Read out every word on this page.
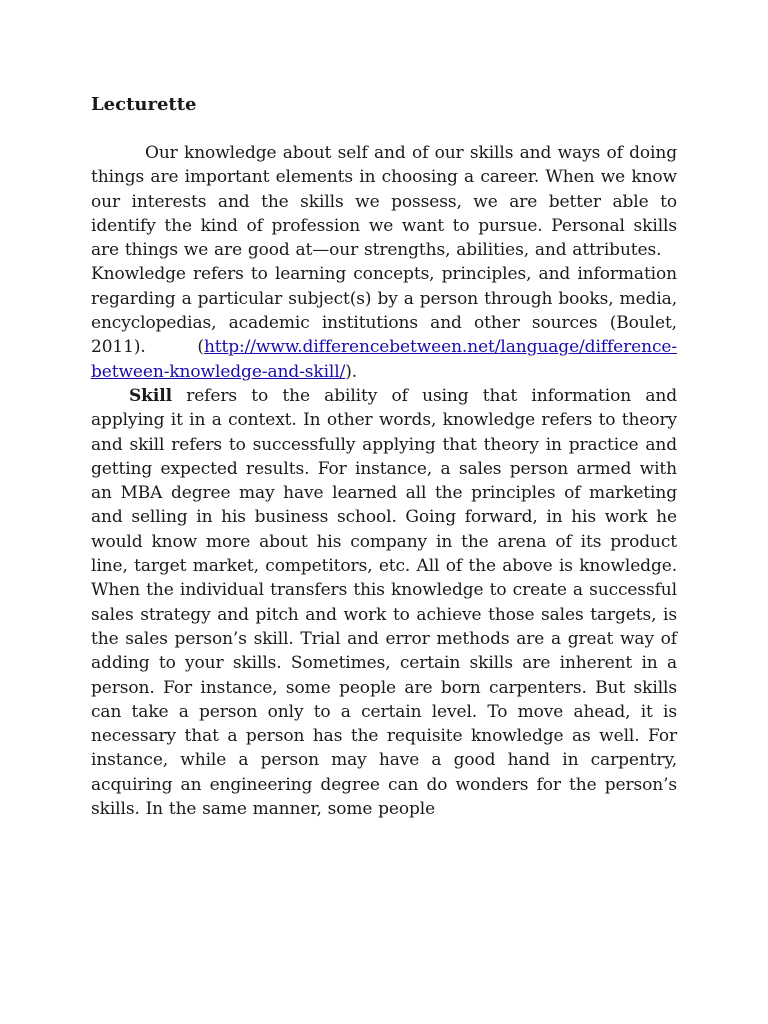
Lecturette

Our knowledge about self and of our skills and ways of doing things are important elements in choosing a career. When we know our interests and the skills we possess, we are better able to identify the kind of profession we want to pursue. Personal skills are things we are good at—our strengths, abilities, and attributes.

Knowledge refers to learning concepts, principles, and information regarding a particular subject(s) by a person through books, media, encyclopedias, academic institutions and other sources (Boulet, 2011). (http://www.differencebetween.net/language/difference-between-knowledge-and-skill/).

Skill refers to the ability of using that information and applying it in a context. In other words, knowledge refers to theory and skill refers to successfully applying that theory in practice and getting expected results. For instance, a sales person armed with an MBA degree may have learned all the principles of marketing and selling in his business school. Going forward, in his work he would know more about his company in the arena of its product line, target market, competitors, etc. All of the above is knowledge. When the individual transfers this knowledge to create a successful sales strategy and pitch and work to achieve those sales targets, is the sales person’s skill. Trial and error methods are a great way of adding to your skills. Sometimes, certain skills are inherent in a person. For instance, some people are born carpenters. But skills can take a person only to a certain level. To move ahead, it is necessary that a person has the requisite knowledge as well. For instance, while a person may have a good hand in carpentry, acquiring an engineering degree can do wonders for the person’s skills. In the same manner, some people
